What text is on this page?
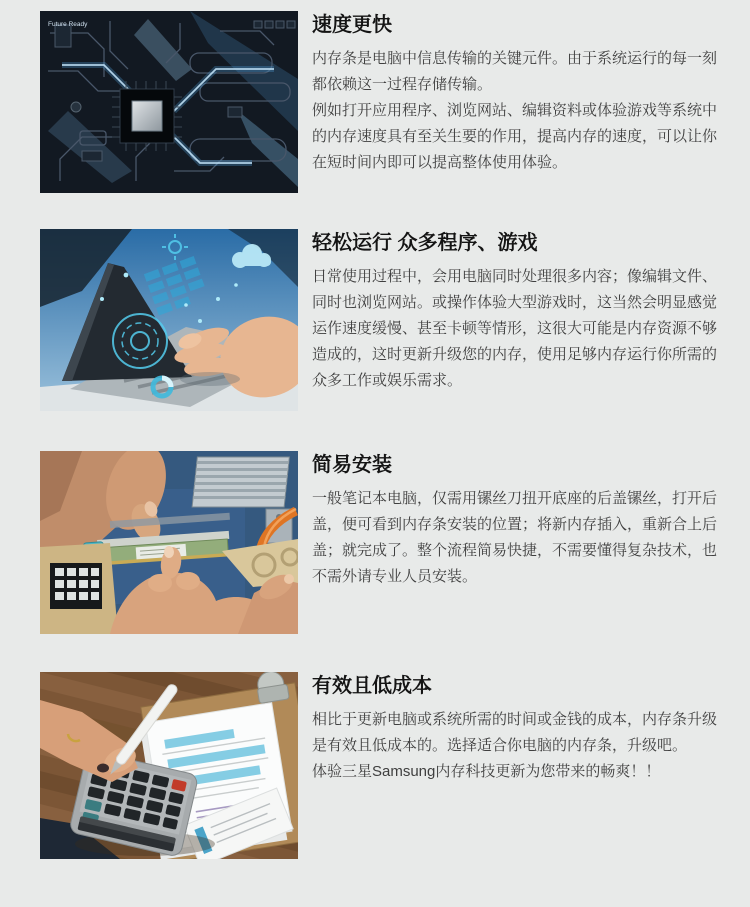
Future Ready	速度更快

内存条是电脑中信息传输的关键元件。由于系统运行的每一刻都依赖这一过程存储传输。

例如打开应用程序、浏览网站、编辑资料或体验游戏等系统中的内存速度具有至关生要的作用，提高内存的速度，可以让你在短时间内即可以提高整体使用体验。

轻松运行 众多程序、游戏

日常使用过程中，会用电脑同时处理很多内容；像编辑文件、同时也浏览网站。或操作体验大型游戏时，这当然会明显感觉运作速度缓慢、甚至卡顿等情形，这很大可能是内存资源不够造成的，这时更新升级您的内存，使用足够内存运行你所需的众多工作或娱乐需求。

简易安装

一般笔记本电脑，仅需用镙丝刀扭开底座的后盖镙丝，打开后盖，便可看到内存条安装的位置；将新内存插入，重新合上后盖；就完成了。整个流程简易快捷，不需要懂得复杂技术，也不需外请专业人员安装。

有效且低成本

相比于更新电脑或系统所需的时间或金钱的成本，内存条升级是有效且低成本的。选择适合你电脑的内存条，升级吧。

体验三星Samsung内存科技更新为您带来的畅爽！！
